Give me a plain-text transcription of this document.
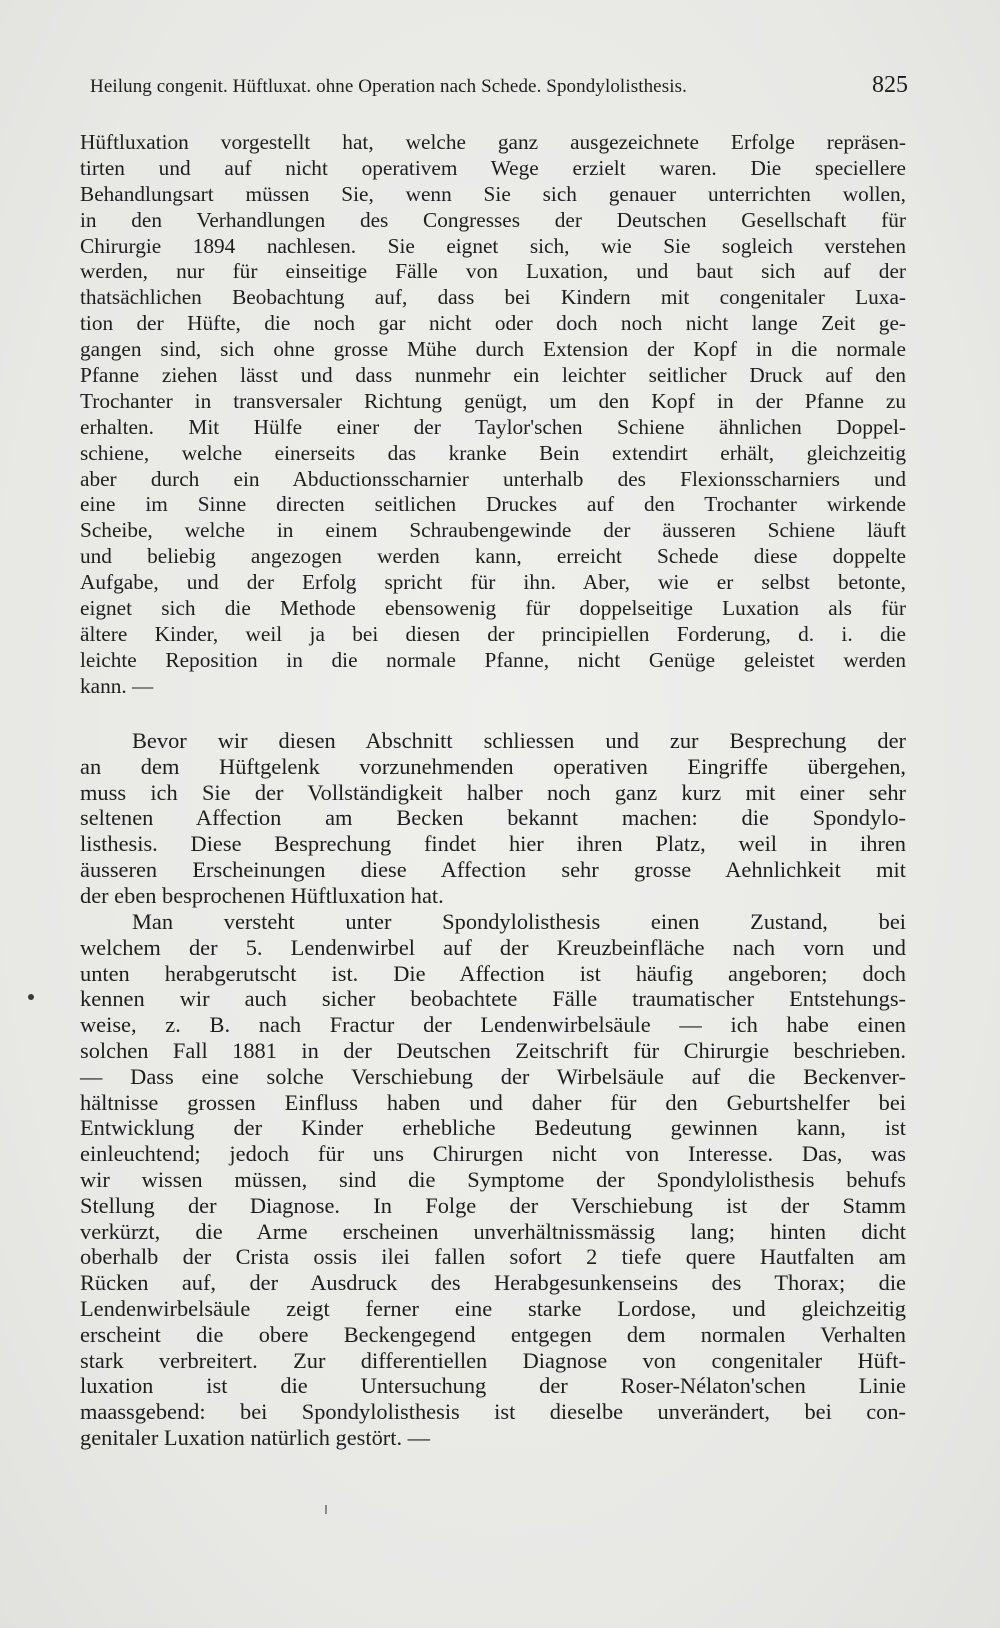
Heilung congenit. Hüftluxat. ohne Operation nach Schede. Spondylolisthesis.	825
Hüftluxation vorgestellt hat, welche ganz ausgezeichnete Erfolge repräsen-
tirten und auf nicht operativem Wege erzielt waren. Die speciellere
Behandlungsart müssen Sie, wenn Sie sich genauer unterrichten wollen,
in den Verhandlungen des Congresses der Deutschen Gesellschaft für
Chirurgie 1894 nachlesen. Sie eignet sich, wie Sie sogleich verstehen
werden, nur für einseitige Fälle von Luxation, und baut sich auf der
thatsächlichen Beobachtung auf, dass bei Kindern mit congenitaler Luxa-
tion der Hüfte, die noch gar nicht oder doch noch nicht lange Zeit ge-
gangen sind, sich ohne grosse Mühe durch Extension der Kopf in die normale
Pfanne ziehen lässt und dass nunmehr ein leichter seitlicher Druck auf den
Trochanter in transversaler Richtung genügt, um den Kopf in der Pfanne zu
erhalten. Mit Hülfe einer der Taylor'schen Schiene ähnlichen Doppel-
schiene, welche einerseits das kranke Bein extendirt erhält, gleichzeitig
aber durch ein Abductionsscharnier unterhalb des Flexionsscharniers und
eine im Sinne directen seitlichen Druckes auf den Trochanter wirkende
Scheibe, welche in einem Schraubengewinde der äusseren Schiene läuft
und beliebig angezogen werden kann, erreicht Schede diese doppelte
Aufgabe, und der Erfolg spricht für ihn. Aber, wie er selbst betonte,
eignet sich die Methode ebensowenig für doppelseitige Luxation als für
ältere Kinder, weil ja bei diesen der principiellen Forderung, d. i. die
leichte Reposition in die normale Pfanne, nicht Genüge geleistet werden
kann. —
Bevor wir diesen Abschnitt schliessen und zur Besprechung der
an dem Hüftgelenk vorzunehmenden operativen Eingriffe übergehen,
muss ich Sie der Vollständigkeit halber noch ganz kurz mit einer sehr
seltenen Affection am Becken bekannt machen: die Spondylo-
listhesis. Diese Besprechung findet hier ihren Platz, weil in ihren
äusseren Erscheinungen diese Affection sehr grosse Aehnlichkeit mit
der eben besprochenen Hüftluxation hat.
Man versteht unter Spondylolisthesis einen Zustand, bei
welchem der 5. Lendenwirbel auf der Kreuzbeinfläche nach vorn und
unten herabgerutscht ist. Die Affection ist häufig angeboren; doch
kennen wir auch sicher beobachtete Fälle traumatischer Entstehungs-
weise, z. B. nach Fractur der Lendenwirbelsäule — ich habe einen
solchen Fall 1881 in der Deutschen Zeitschrift für Chirurgie beschrieben.
— Dass eine solche Verschiebung der Wirbelsäule auf die Beckenver-
hältnisse grossen Einfluss haben und daher für den Geburtshelfer bei
Entwicklung der Kinder erhebliche Bedeutung gewinnen kann, ist
einleuchtend; jedoch für uns Chirurgen nicht von Interesse. Das, was
wir wissen müssen, sind die Symptome der Spondylolisthesis behufs
Stellung der Diagnose. In Folge der Verschiebung ist der Stamm
verkürzt, die Arme erscheinen unverhältnissmässig lang; hinten dicht
oberhalb der Crista ossis ilei fallen sofort 2 tiefe quere Hautfalten am
Rücken auf, der Ausdruck des Herabgesunkenseins des Thorax; die
Lendenwirbelsäule zeigt ferner eine starke Lordose, und gleichzeitig
erscheint die obere Beckengegend entgegen dem normalen Verhalten
stark verbreitert. Zur differentiellen Diagnose von congenitaler Hüft-
luxation ist die Untersuchung der Roser-Nélaton'schen Linie
maassgebend: bei Spondylolisthesis ist dieselbe unverändert, bei con-
genitaler Luxation natürlich gestört. —
